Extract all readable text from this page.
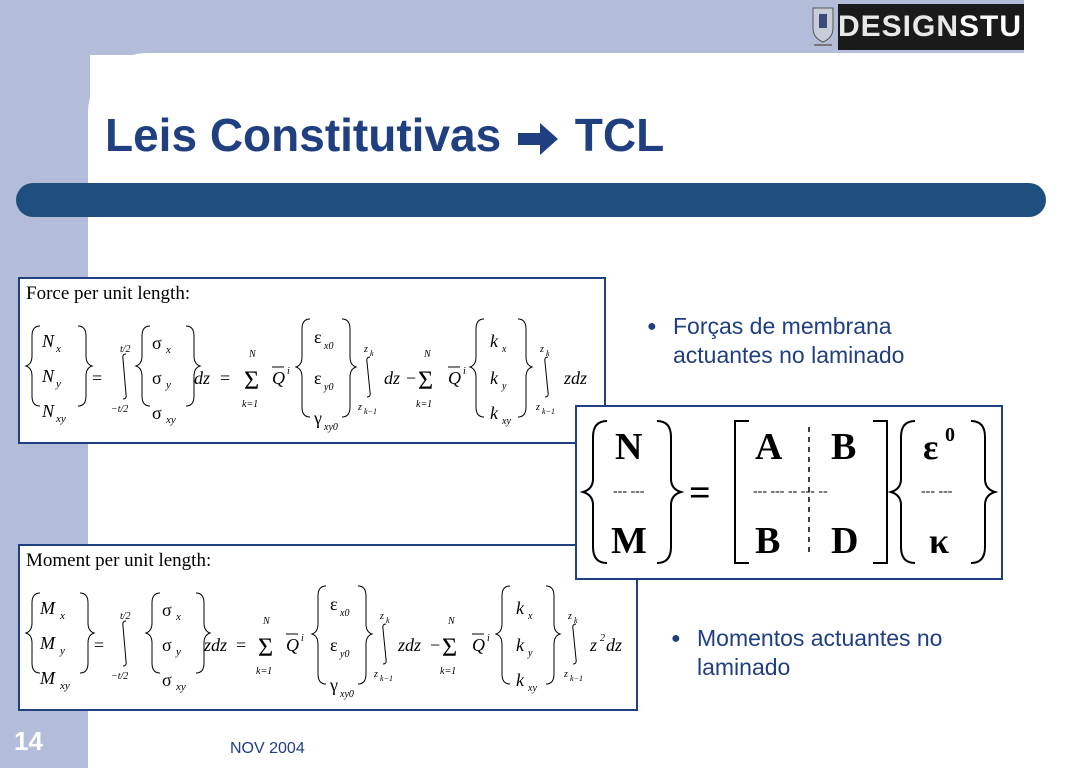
DESIGNSTUDIO
Leis Constitutivas TCL
Force per unit length:
N x
N y
N xy
=
t/2
−t/2
σ x
σ y
σ xy
dz = Σ
N
k=1
Q i
ε x0
ε y0
γ xy0
z k
z k−1
dz − Σ
N
k=1
Q i
k x
k y
k xy
z k
z k−1
zdz
Moment per unit length:
M x
M y
M xy
=
t/2
−t/2
σ x
σ y
σ xy
zdz = Σ
N
k=1
Q i
ε x0
ε y0
γ xy0
z k
z k−1
zdz − Σ
N
k=1
Q i
k x
k y
k xy
z k
z k−1
z 2 dz
● Forças de membrana actuantes no laminado
● Momentos actuantes no laminado
N
--- ---
M
=
A B
--- --- -- --- --
B D
ε 0
--- ---
κ
14	NOV 2004
